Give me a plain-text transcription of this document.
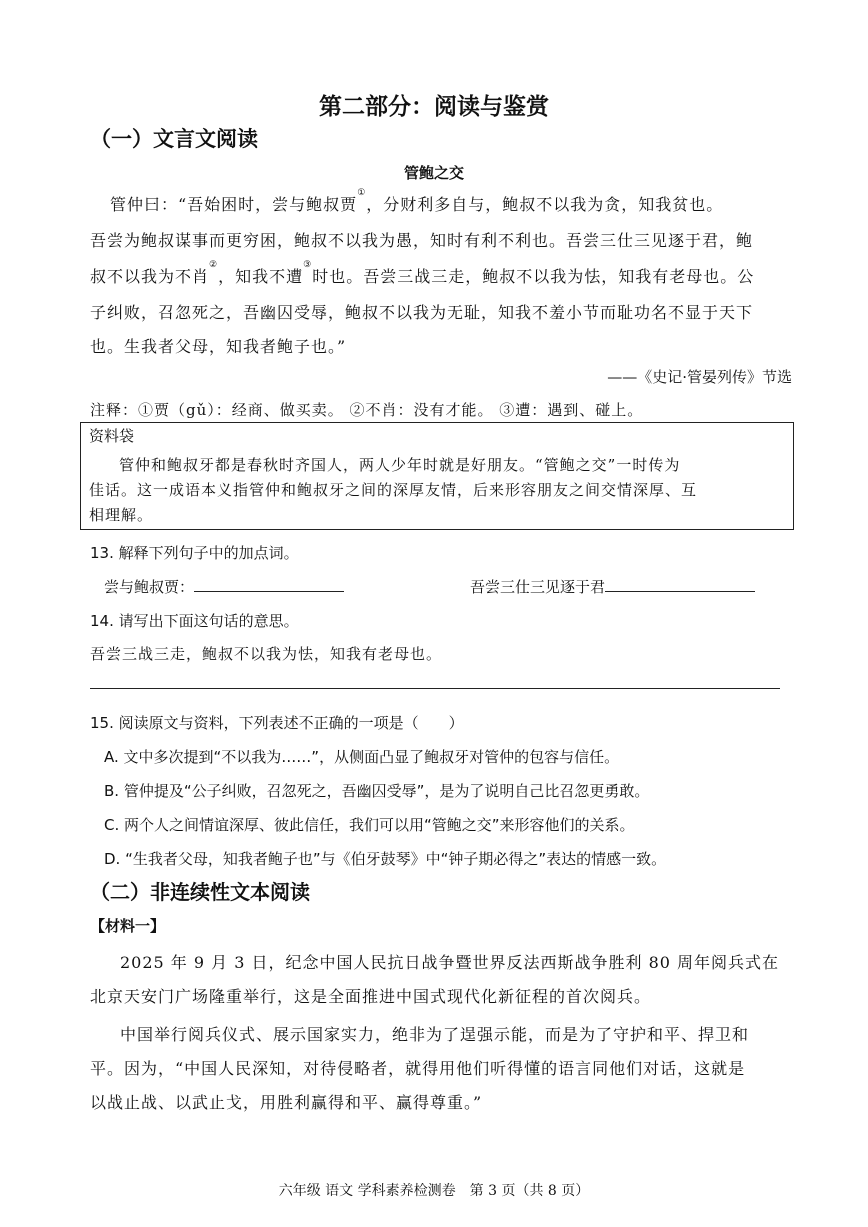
第二部分：阅读与鉴赏
（一）文言文阅读
管鲍之交
管仲曰：“吾始困时，尝与鲍叔贾①，分财利多自与，鲍叔不以我为贪，知我贫也。
吾尝为鲍叔谋事而更穷困，鲍叔不以我为愚，知时有利不利也。吾尝三仕三见逐于君，鲍
叔不以我为不肖②，知我不遭③时也。吾尝三战三走，鲍叔不以我为怯，知我有老母也。公
子纠败，召忽死之，吾幽囚受辱，鲍叔不以我为无耻，知我不羞小节而耻功名不显于天下
也。生我者父母，知我者鲍子也。”
——《史记·管晏列传》节选
注释：①贾（gǔ）：经商、做买卖。 ②不肖：没有才能。 ③遭：遇到、碰上。
资料袋
管仲和鲍叔牙都是春秋时齐国人，两人少年时就是好朋友。“管鲍之交”一时传为
佳话。这一成语本义指管仲和鲍叔牙之间的深厚友情，后来形容朋友之间交情深厚、互
相理解。
13. 解释下列句子中的加点词。
尝与鲍叔贾：	吾尝三仕三见逐于君
14. 请写出下面这句话的意思。
吾尝三战三走，鲍叔不以我为怯，知我有老母也。
15. 阅读原文与资料，下列表述不正确的一项是（　　）
A. 文中多次提到“不以我为……”，从侧面凸显了鲍叔牙对管仲的包容与信任。
B. 管仲提及“公子纠败，召忽死之，吾幽囚受辱”，是为了说明自己比召忽更勇敢。
C. 两个人之间情谊深厚、彼此信任，我们可以用“管鲍之交”来形容他们的关系。
D. “生我者父母，知我者鲍子也”与《伯牙鼓琴》中“钟子期必得之”表达的情感一致。
（二）非连续性文本阅读
【材料一】
2025 年 9 月 3 日，纪念中国人民抗日战争暨世界反法西斯战争胜利 80 周年阅兵式在
北京天安门广场隆重举行，这是全面推进中国式现代化新征程的首次阅兵。
中国举行阅兵仪式、展示国家实力，绝非为了逞强示能，而是为了守护和平、捍卫和
平。因为，“中国人民深知，对待侵略者，就得用他们听得懂的语言同他们对话，这就是
以战止战、以武止戈，用胜利赢得和平、赢得尊重。”
六年级 语文 学科素养检测卷　第 3 页（共 8 页）
